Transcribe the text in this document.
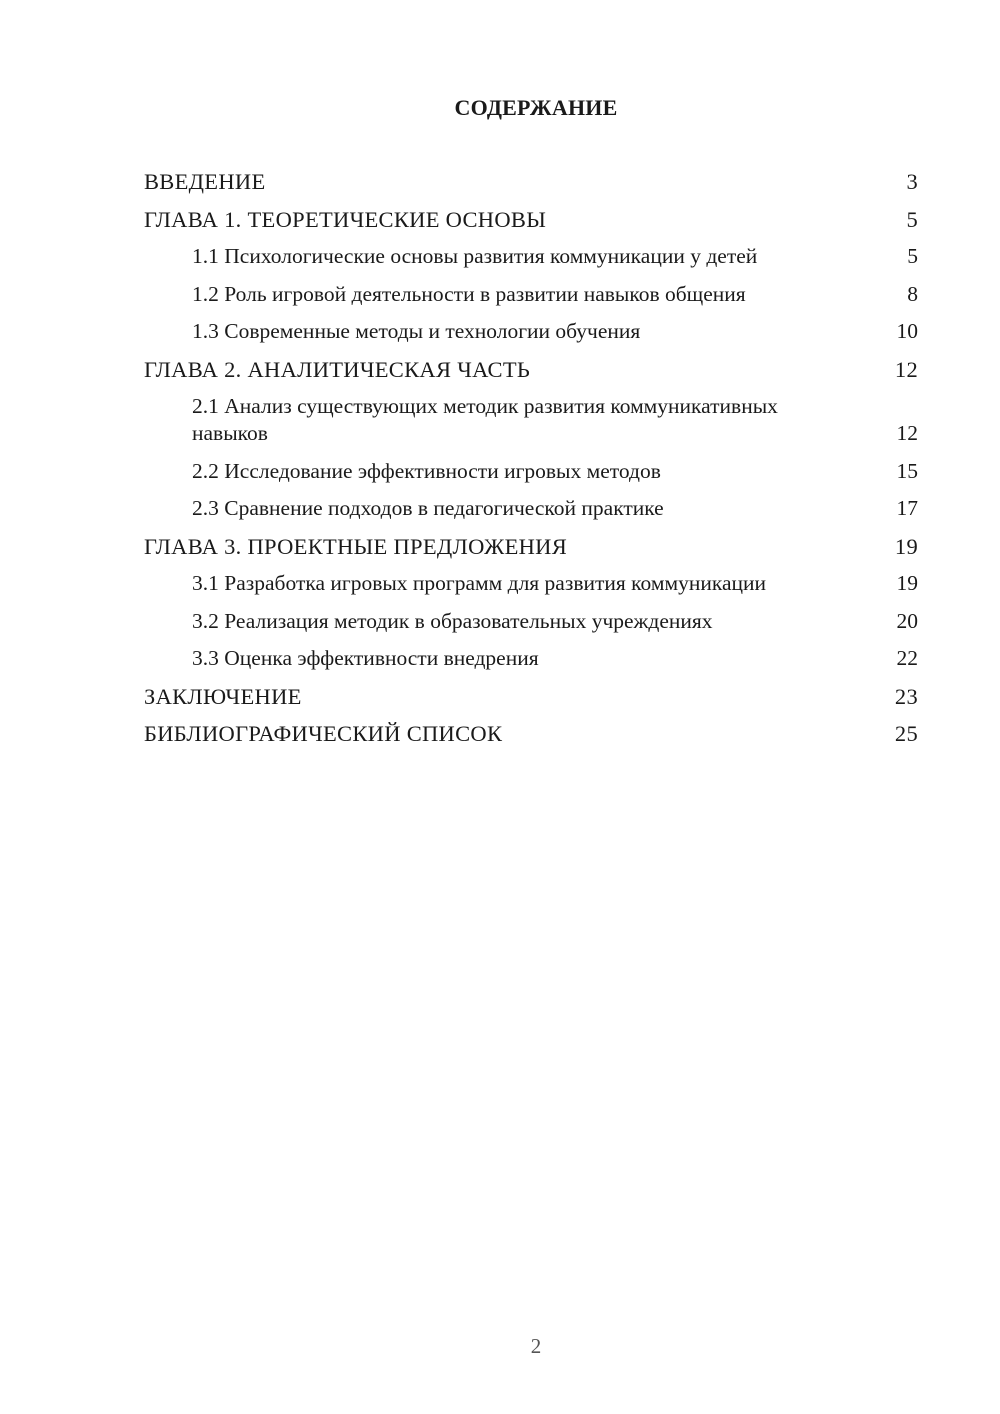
СОДЕРЖАНИЕ
ВВЕДЕНИЕ	3
ГЛАВА 1. ТЕОРЕТИЧЕСКИЕ ОСНОВЫ	5
1.1 Психологические основы развития коммуникации у детей	5
1.2 Роль игровой деятельности в развитии навыков общения	8
1.3 Современные методы и технологии обучения	10
ГЛАВА 2. АНАЛИТИЧЕСКАЯ ЧАСТЬ	12
2.1 Анализ существующих методик развития коммуникативных навыков	12
2.2 Исследование эффективности игровых методов	15
2.3 Сравнение подходов в педагогической практике	17
ГЛАВА 3. ПРОЕКТНЫЕ ПРЕДЛОЖЕНИЯ	19
3.1 Разработка игровых программ для развития коммуникации	19
3.2 Реализация методик в образовательных учреждениях	20
3.3 Оценка эффективности внедрения	22
ЗАКЛЮЧЕНИЕ	23
БИБЛИОГРАФИЧЕСКИЙ СПИСОК	25
2
